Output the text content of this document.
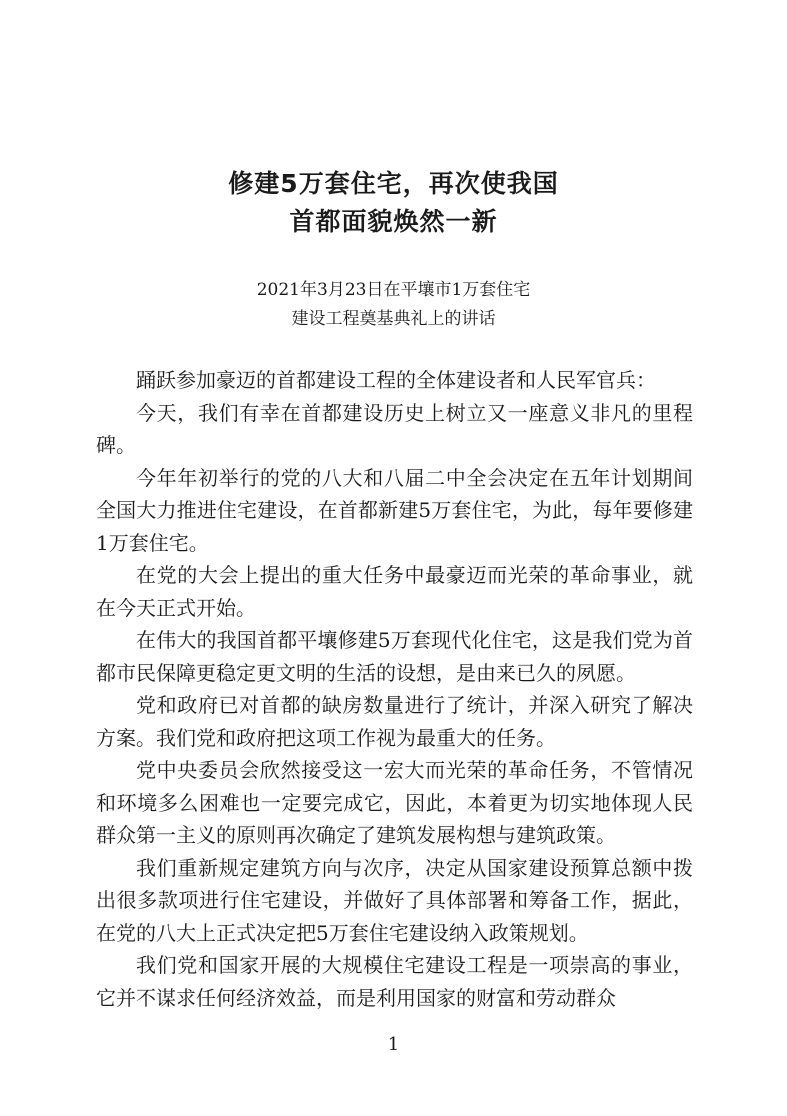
修建5万套住宅，再次使我国
首都面貌焕然一新
2021年3月23日在平壤市1万套住宅
建设工程奠基典礼上的讲话

踊跃参加豪迈的首都建设工程的全体建设者和人民军官兵：

今天，我们有幸在首都建设历史上树立又一座意义非凡的里程碑。

今年年初举行的党的八大和八届二中全会决定在五年计划期间全国大力推进住宅建设，在首都新建5万套住宅，为此，每年要修建1万套住宅。

在党的大会上提出的重大任务中最豪迈而光荣的革命事业，就在今天正式开始。

在伟大的我国首都平壤修建5万套现代化住宅，这是我们党为首都市民保障更稳定更文明的生活的设想，是由来已久的夙愿。

党和政府已对首都的缺房数量进行了统计，并深入研究了解决方案。我们党和政府把这项工作视为最重大的任务。

党中央委员会欣然接受这一宏大而光荣的革命任务，不管情况和环境多么困难也一定要完成它，因此，本着更为切实地体现人民群众第一主义的原则再次确定了建筑发展构想与建筑政策。

我们重新规定建筑方向与次序，决定从国家建设预算总额中拨出很多款项进行住宅建设，并做好了具体部署和筹备工作，据此，在党的八大上正式决定把5万套住宅建设纳入政策规划。

我们党和国家开展的大规模住宅建设工程是一项崇高的事业，它并不谋求任何经济效益，而是利用国家的财富和劳动群众

1
